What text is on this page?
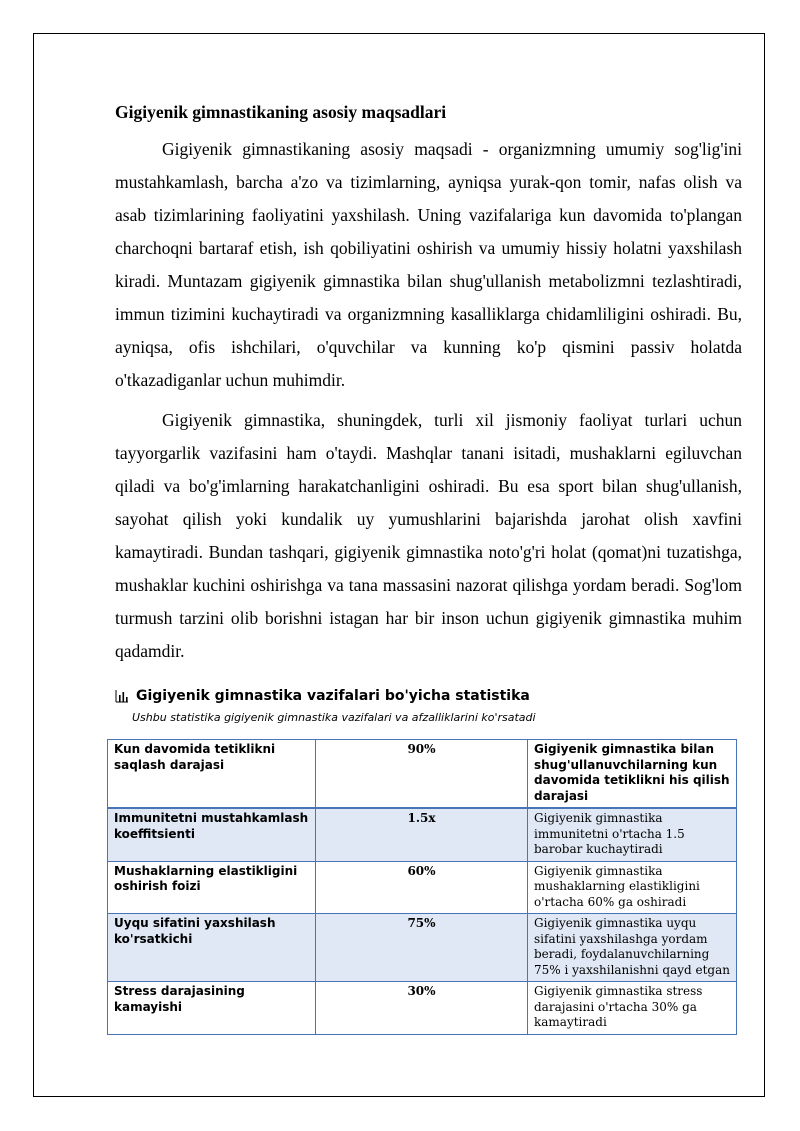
Gigiyenik gimnastikaning asosiy maqsadlari

Gigiyenik gimnastikaning asosiy maqsadi - organizmning umumiy sog'lig'ini mustahkamlash, barcha a'zo va tizimlarning, ayniqsa yurak-qon tomir, nafas olish va asab tizimlarining faoliyatini yaxshilash. Uning vazifalariga kun davomida to'plangan charchoqni bartaraf etish, ish qobiliyatini oshirish va umumiy hissiy holatni yaxshilash kiradi. Muntazam gigiyenik gimnastika bilan shug'ullanish metabolizmni tezlashtiradi, immun tizimini kuchaytiradi va organizmning kasalliklarga chidamliligini oshiradi. Bu, ayniqsa, ofis ishchilari, o'quvchilar va kunning ko'p qismini passiv holatda o'tkazadiganlar uchun muhimdir.

Gigiyenik gimnastika, shuningdek, turli xil jismoniy faoliyat turlari uchun tayyorgarlik vazifasini ham o'taydi. Mashqlar tanani isitadi, mushaklarni egiluvchan qiladi va bo'g'imlarning harakatchanligini oshiradi. Bu esa sport bilan shug'ullanish, sayohat qilish yoki kundalik uy yumushlarini bajarishda jarohat olish xavfini kamaytiradi. Bundan tashqari, gigiyenik gimnastika noto'g'ri holat (qomat)ni tuzatishga, mushaklar kuchini oshirishga va tana massasini nazorat qilishga yordam beradi. Sog'lom turmush tarzini olib borishni istagan har bir inson uchun gigiyenik gimnastika muhim qadamdir.

Gigiyenik gimnastika vazifalari bo'yicha statistika
Ushbu statistika gigiyenik gimnastika vazifalari va afzalliklarini ko'rsatadi
Kun davomida tetiklikni saqlash darajasi	90%	Gigiyenik gimnastika bilan shug'ullanuvchilarning kun davomida tetiklikni his qilish darajasi
Immunitetni mustahkamlash koeffitsienti	1.5x	Gigiyenik gimnastika immunitetni o'rtacha 1.5 barobar kuchaytiradi
Mushaklarning elastikligini oshirish foizi	60%	Gigiyenik gimnastika mushaklarning elastikligini o'rtacha 60% ga oshiradi
Uyqu sifatini yaxshilash ko'rsatkichi	75%	Gigiyenik gimnastika uyqu sifatini yaxshilashga yordam beradi, foydalanuvchilarning 75% i yaxshilanishni qayd etgan
Stress darajasining kamayishi	30%	Gigiyenik gimnastika stress darajasini o'rtacha 30% ga kamaytiradi
